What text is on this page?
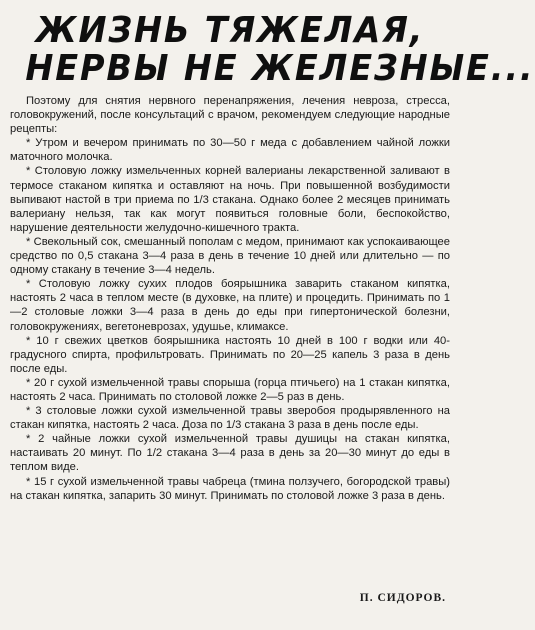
ЖИЗНЬ ТЯЖЕЛАЯ,
НЕРВЫ НЕ ЖЕЛЕЗНЫЕ...

Поэтому для снятия нервного перенапряжения, лечения невроза, стресса, головокружений, после консультаций с врачом, рекомендуем следующие народные рецепты:

* Утром и вечером принимать по 30—50 г меда с добавлением чайной ложки маточного молочка.

* Столовую ложку измельченных корней валерианы лекарственной заливают в термосе стаканом кипятка и оставляют на ночь. При повышенной возбудимости выпивают настой в три приема по 1/3 стакана. Однако более 2 месяцев принимать валериану нельзя, так как могут появиться головные боли, беспокойство, нарушение деятельности желудочно-кишечного тракта.

* Свекольный сок, смешанный пополам с медом, принимают как успокаивающее средство по 0,5 стакана 3—4 раза в день в течение 10 дней или длительно — по одному стакану в течение 3—4 недель.

* Столовую ложку сухих плодов боярышника заварить стаканом кипятка, настоять 2 часа в теплом месте (в духовке, на плите) и процедить. Принимать по 1—2 столовые ложки 3—4 раза в день до еды при гипертонической болезни, головокружениях, вегетоневрозах, удушье, климаксе.

* 10 г свежих цветков боярышника настоять 10 дней в 100 г водки или 40-градусного спирта, профильтровать. Принимать по 20—25 капель 3 раза в день после еды.

* 20 г сухой измельченной травы спорыша (горца птичьего) на 1 стакан кипятка, настоять 2 часа. Принимать по столовой ложке 2—5 раз в день.

* 3 столовые ложки сухой измельченной травы зверобоя продырявленного на стакан кипятка, настоять 2 часа. Доза по 1/3 стакана 3 раза в день после еды.

* 2 чайные ложки сухой измельченной травы душицы на стакан кипятка, настаивать 20 минут. По 1/2 стакана 3—4 раза в день за 20—30 минут до еды в теплом виде.

* 15 г сухой измельченной травы чабреца (тмина ползучего, богородской травы) на стакан кипятка, запарить 30 минут. Принимать по столовой ложке 3 раза в день.

П. СИДОРОВ.
